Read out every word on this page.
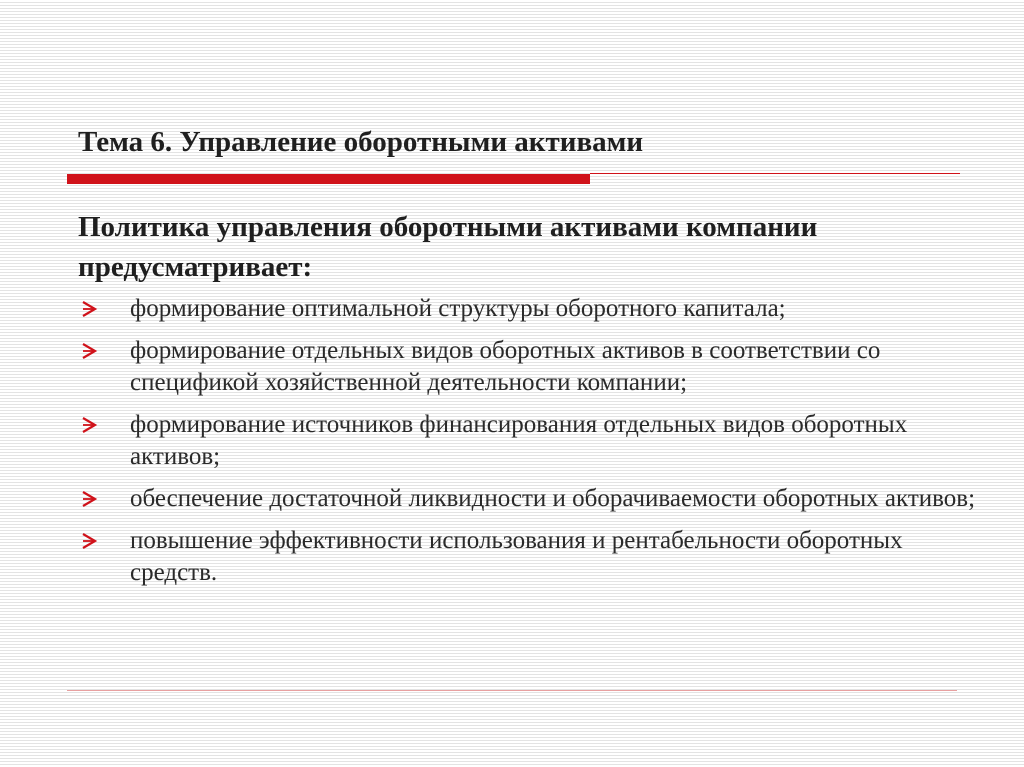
Тема 6. Управление оборотными активами

Политика управления оборотными активами компании предусматривает:

формирование оптимальной структуры оборотного капитала;
формирование отдельных видов оборотных активов в соответствии со спецификой хозяйственной деятельности компании;
формирование источников финансирования отдельных видов оборотных активов;
обеспечение достаточной ликвидности и оборачиваемости оборотных активов;
повышение эффективности использования и рентабельности оборотных средств.
